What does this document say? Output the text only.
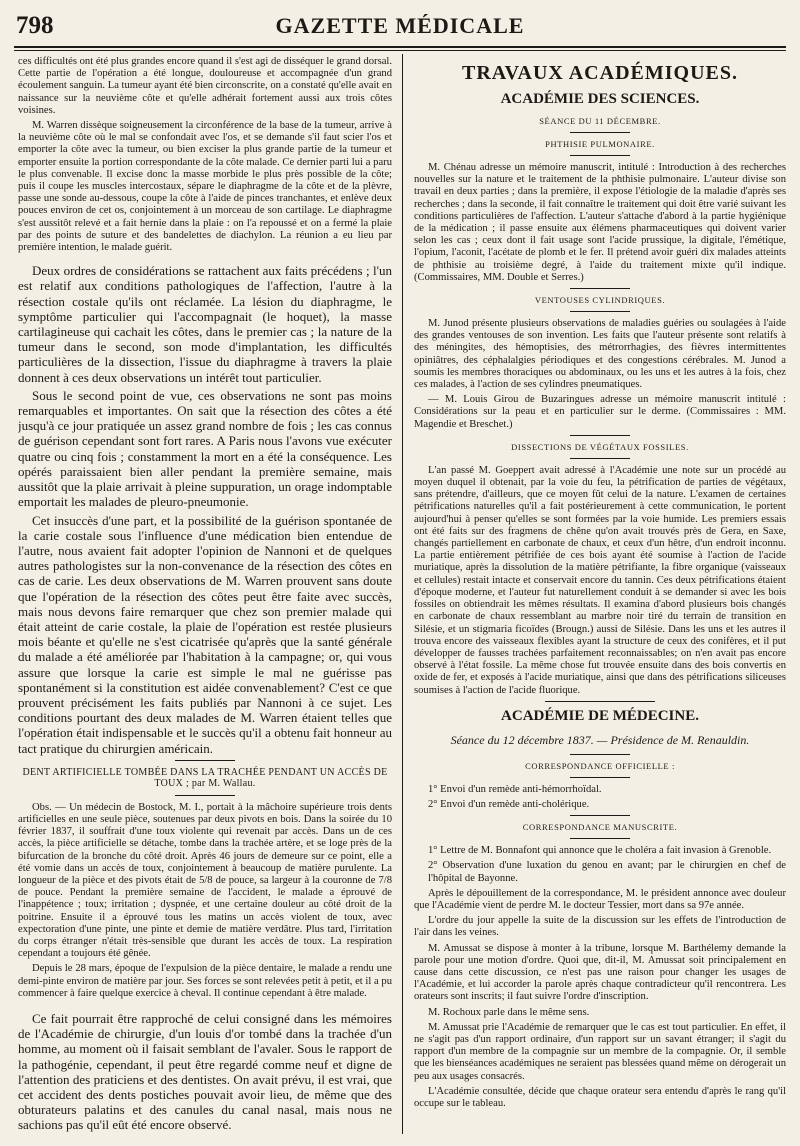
798	GAZETTE MÉDICALE

ces difficultés ont été plus grandes encore quand il s'est agi de disséquer le grand dorsal. Cette partie de l'opération a été longue, douloureuse et accompagnée d'un grand écoulement sanguin. La tumeur ayant été bien circonscrite, on a constaté qu'elle avait en naissance sur la neuvième côte et qu'elle adhérait fortement aussi aux trois côtes voisines.

M. Warren dissèque soigneusement la circonférence de la base de la tumeur, arrive à la neuvième côte où le mal se confondait avec l'os, et se demande s'il faut scier l'os et emporter la côte avec la tumeur, ou bien exciser la plus grande partie de la tumeur et emporter ensuite la portion correspondante de la côte malade. Ce dernier parti lui a paru le plus convenable. Il excise donc la masse morbide le plus près possible de la côte; puis il coupe les muscles intercostaux, sépare le diaphragme de la côte et de la plèvre, passe une sonde au-dessous, coupe la côte à l'aide de pinces tranchantes, et enlève deux pouces environ de cet os, conjointement à un morceau de son cartilage. Le diaphragme s'est aussitôt relevé et a fait hernie dans la plaie : on l'a repoussé et on a fermé la plaie par des points de suture et des bandelettes de diachylon. La réunion a eu lieu par première intention, le malade guérit.

Deux ordres de considérations se rattachent aux faits précédens ; l'un est relatif aux conditions pathologiques de l'affection, l'autre à la résection costale qu'ils ont réclamée. La lésion du diaphragme, le symptôme particulier qui l'accompagnait (le hoquet), la masse cartilagineuse qui cachait les côtes, dans le premier cas ; la nature de la tumeur dans le second, son mode d'implantation, les difficultés particulières de la dissection, l'issue du diaphragme à travers la plaie donnent à ces deux observations un intérêt tout particulier.

Sous le second point de vue, ces observations ne sont pas moins remarquables et importantes. On sait que la résection des côtes a été jusqu'à ce jour pratiquée un assez grand nombre de fois ; les cas connus de guérison cependant sont fort rares. A Paris nous l'avons vue exécuter quatre ou cinq fois ; constamment la mort en a été la conséquence. Les opérés paraissaient bien aller pendant la première semaine, mais aussitôt que la plaie arrivait à pleine suppuration, un orage indomptable emportait les malades de pleuro-pneumonie.

Cet insuccès d'une part, et la possibilité de la guérison spontanée de la carie costale sous l'influence d'une médication bien entendue de l'autre, nous avaient fait adopter l'opinion de Nannoni et de quelques autres pathologistes sur la non-convenance de la résection des côtes en cas de carie. Les deux observations de M. Warren prouvent sans doute que l'opération de la résection des côtes peut être faite avec succès, mais nous devons faire remarquer que chez son premier malade qui était atteint de carie costale, la plaie de l'opération est restée plusieurs mois béante et qu'elle ne s'est cicatrisée qu'après que la santé générale du malade a été améliorée par l'habitation à la campagne; or, qui vous assure que lorsque la carie est simple le mal ne guérisse pas spontanément si la constitution est aidée convenablement? C'est ce que prouvent précisément les faits publiés par Nannoni à ce sujet. Les conditions pourtant des deux malades de M. Warren étaient telles que l'opération était indispensable et le succès qu'il a obtenu fait honneur au tact pratique du chirurgien américain.

DENT ARTIFICIELLE TOMBÉE DANS LA TRACHÉE PENDANT UN ACCÈS DE TOUX ; par M. Wallau.

Obs. — Un médecin de Bostock, M. I., portait à la mâchoire supérieure trois dents artificielles en une seule pièce, soutenues par deux pivots en bois. Dans la soirée du 10 février 1837, il souffrait d'une toux violente qui revenait par accès. Dans un de ces accès, la pièce artificielle se détache, tombe dans la trachée artère, et se loge près de la bifurcation de la bronche du côté droit. Après 46 jours de demeure sur ce point, elle a été vomie dans un accès de toux, conjointement à beaucoup de matière purulente. La longueur de la pièce et des pivots était de 5/8 de pouce, sa largeur à la couronne de 7/8 de pouce. Pendant la première semaine de l'accident, le malade a éprouvé de l'inappétence ; toux; irritation ; dyspnée, et une certaine douleur au côté droit de la poitrine. Ensuite il a éprouvé tous les matins un accès violent de toux, avec expectoration d'une pinte, une pinte et demie de matière verdâtre. Plus tard, l'irritation du corps étranger n'était très-sensible que durant les accès de toux. La respiration cependant a toujours été gênée.

Depuis le 28 mars, époque de l'expulsion de la pièce dentaire, le malade a rendu une demi-pinte environ de matière par jour. Ses forces se sont relevées petit à petit, et il a pu commencer à faire quelque exercice à cheval. Il continue cependant à être malade.

Ce fait pourrait être rapproché de celui consigné dans les mémoires de l'Académie de chirurgie, d'un louis d'or tombé dans la trachée d'un homme, au moment où il faisait semblant de l'avaler. Sous le rapport de la pathogénie, cependant, il peut être regardé comme neuf et digne de l'attention des praticiens et des dentistes. On avait prévu, il est vrai, que cet accident des dents postiches pouvait avoir lieu, de même que des obturateurs palatins et des canules du canal nasal, mais nous ne sachions pas qu'il eût été encore observé.

TRAVAUX ACADÉMIQUES.

ACADÉMIE DES SCIENCES.

SÉANCE DU 11 DÉCEMBRE.

PHTHISIE PULMONAIRE.

M. Chénau adresse un mémoire manuscrit, intitulé : Introduction à des recherches nouvelles sur la nature et le traitement de la phthisie pulmonaire. L'auteur divise son travail en deux parties ; dans la première, il expose l'étiologie de la maladie d'après ses recherches ; dans la seconde, il fait connaître le traitement qui doit être varié suivant les conditions particulières de l'affection. L'auteur s'attache d'abord à la partie hygiénique de la médication ; il passe ensuite aux élémens pharmaceutiques qui doivent varier selon les cas ; ceux dont il fait usage sont l'acide prussique, la digitale, l'émétique, l'opium, l'aconit, l'acétate de plomb et le fer. Il prétend avoir guéri dix malades atteints de phthisie au troisième degré, à l'aide du traitement mixte qu'il indique. (Commissaires, MM. Double et Serres.)

VENTOUSES CYLINDRIQUES.

M. Junod présente plusieurs observations de maladies guéries ou soulagées à l'aide des grandes ventouses de son invention. Les faits que l'auteur présente sont relatifs à des méningites, des hémoptisies, des métrorrhagies, des fièvres intermittentes opiniâtres, des céphalalgies périodiques et des congestions cérébrales. M. Junod a soumis les membres thoraciques ou abdominaux, ou les uns et les autres à la fois, chez ces malades, à l'action de ses cylindres pneumatiques.

— M. Louis Girou de Buzaringues adresse un mémoire manuscrit intitulé : Considérations sur la peau et en particulier sur le derme. (Commissaires : MM. Magendie et Breschet.)

DISSECTIONS DE VÉGÉTAUX FOSSILES.

L'an passé M. Goeppert avait adressé à l'Académie une note sur un procédé au moyen duquel il obtenait, par la voie du feu, la pétrification de parties de végétaux, sans prétendre, d'ailleurs, que ce moyen fût celui de la nature. L'examen de certaines pétrifications naturelles qu'il a fait postérieurement à cette communication, le portent aujourd'hui à penser qu'elles se sont formées par la voie humide. Les premiers essais ont été faits sur des fragmens de chêne qu'on avait trouvés près de Gera, en Saxe, changés partiellement en carbonate de chaux, et ceux d'un hêtre, d'un endroit inconnu. La partie entièrement pétrifiée de ces bois ayant été soumise à l'action de l'acide muriatique, après la dissolution de la matière pétrifiante, la fibre organique (vaisseaux et cellules) restait intacte et conservait encore du tannin. Ces deux pétrifications étaient d'époque moderne, et l'auteur fut naturellement conduit à se demander si avec les bois fossiles on obtiendrait les mêmes résultats. Il examina d'abord plusieurs bois changés en carbonate de chaux ressemblant au marbre noir tiré du terrain de transition en Silésie, et un stigmaria ficoïdes (Brougn.) aussi de Silésie. Dans les uns et les autres il trouva encore des vaisseaux flexibles ayant la structure de ceux des conifères, et il put développer de fausses trachées parfaitement reconnaissables; on n'en avait pas encore observé à l'état fossile. La même chose fut trouvée ensuite dans des bois convertis en oxide de fer, et exposés à l'acide muriatique, ainsi que dans des pétrifications siliceuses soumises à l'action de l'acide fluorique.

ACADÉMIE DE MÉDECINE.

Séance du 12 décembre 1837. — Présidence de M. Renauldin.

CORRESPONDANCE OFFICIELLE :

1° Envoi d'un remède anti-hémorrhoïdal.

2° Envoi d'un remède anti-cholérique.

CORRESPONDANCE MANUSCRITE.

1° Lettre de M. Bonnafont qui annonce que le choléra a fait invasion à Grenoble.

2° Observation d'une luxation du genou en avant; par le chirurgien en chef de l'hôpital de Bayonne.

Après le dépouillement de la correspondance, M. le président annonce avec douleur que l'Académie vient de perdre M. le docteur Tessier, mort dans sa 97e année.

L'ordre du jour appelle la suite de la discussion sur les effets de l'introduction de l'air dans les veines.

M. Amussat se dispose à monter à la tribune, lorsque M. Barthélemy demande la parole pour une motion d'ordre. Quoi que, dit-il, M. Amussat soit principalement en cause dans cette discussion, ce n'est pas une raison pour changer les usages de l'Académie, et lui accorder la parole après chaque contradicteur qu'il rencontrera. Les orateurs sont inscrits; il faut suivre l'ordre d'inscription.

M. Rochoux parle dans le même sens.

M. Amussat prie l'Académie de remarquer que le cas est tout particulier. En effet, il ne s'agit pas d'un rapport ordinaire, d'un rapport sur un savant étranger; il s'agit du rapport d'un membre de la compagnie sur un membre de la compagnie. Or, il semble que les bienséances académiques ne seraient pas blessées quand même on dérogerait un peu aux usages consacrés.

L'Académie consultée, décide que chaque orateur sera entendu d'après le rang qu'il occupe sur le tableau.
